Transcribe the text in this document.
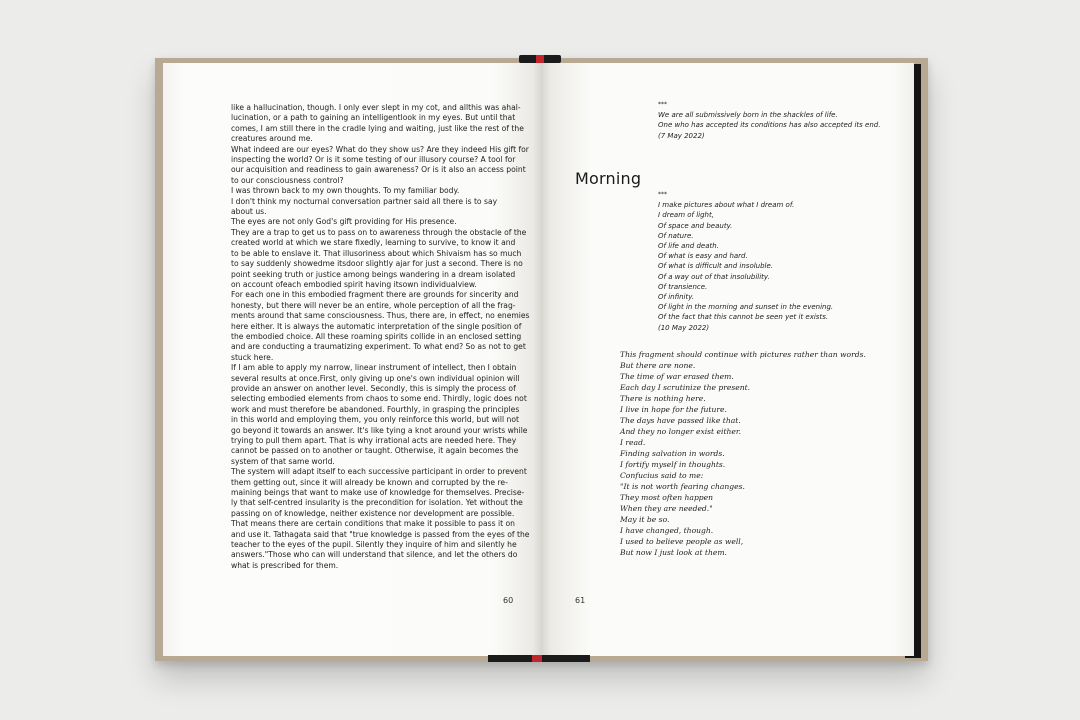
like a hallucination, though. I only ever slept in my cot, and allthis was ahal-

lucination, or a path to gaining an intelligentlook in my eyes. But until that

comes, I am still there in the cradle lying and waiting, just like the rest of the

creatures around me.

What indeed are our eyes? What do they show us? Are they indeed His gift for

inspecting the world? Or is it some testing of our illusory course? A tool for

our acquisition and readiness to gain awareness? Or is it also an access point

to our consciousness control?

I was thrown back to my own thoughts. To my familiar body.

I don't think my nocturnal conversation partner said all there is to say

about us.

The eyes are not only God's gift providing for His presence.

They are a trap to get us to pass on to awareness through the obstacle of the

created world at which we stare fixedly, learning to survive, to know it and

to be able to enslave it. That illusoriness about which Shivaism has so much

to say suddenly showedme itsdoor slightly ajar for just a second. There is no

point seeking truth or justice among beings wandering in a dream isolated

on account ofeach embodied spirit having itsown individualview.

For each one in this embodied fragment there are grounds for sincerity and

honesty, but there will never be an entire, whole perception of all the frag-

ments around that same consciousness. Thus, there are, in effect, no enemies

here either. It is always the automatic interpretation of the single position of

the embodied choice. All these roaming spirits collide in an enclosed setting

and are conducting a traumatizing experiment. To what end? So as not to get

stuck here.

If I am able to apply my narrow, linear instrument of intellect, then I obtain

several results at once.First, only giving up one's own individual opinion will

provide an answer on another level. Secondly, this is simply the process of

selecting embodied elements from chaos to some end. Thirdly, logic does not

work and must therefore be abandoned. Fourthly, in grasping the principles

in this world and employing them, you only reinforce this world, but will not

go beyond it towards an answer. It's like tying a knot around your wrists while

trying to pull them apart. That is why irrational acts are needed here. They

cannot be passed on to another or taught. Otherwise, it again becomes the

system of that same world.

The system will adapt itself to each successive participant in order to prevent

them getting out, since it will already be known and corrupted by the re-

maining beings that want to make use of knowledge for themselves. Precise-

ly that self-centred insularity is the precondition for isolation. Yet without the

passing on of knowledge, neither existence nor development are possible.

That means there are certain conditions that make it possible to pass it on

and use it. Tathagata said that "true knowledge is passed from the eyes of the

teacher to the eyes of the pupil. Silently they inquire of him and silently he

answers."Those who can will understand that silence, and let the others do

what is prescribed for them.

60

***

We are all submissively born in the shackles of life.

One who has accepted its conditions has also accepted its end.

(7 May 2022)

Morning

***

I make pictures about what I dream of.

I dream of light,

Of space and beauty.

Of nature.

Of life and death.

Of what is easy and hard.

Of what is difficult and insoluble.

Of a way out of that insolubility.

Of transience.

Of infinity.

Of light in the morning and sunset in the evening.

Of the fact that this cannot be seen yet it exists.

(10 May 2022)

This fragment should continue with pictures rather than words.

But there are none.

The time of war erased them.

Each day I scrutinize the present.

There is nothing here.

I live in hope for the future.

The days have passed like that.

And they no longer exist either.

I read.

Finding salvation in words.

I fortify myself in thoughts.

Confucius said to me:

"It is not worth fearing changes.

They most often happen

When they are needed."

May it be so.

I have changed, though.

I used to believe people as well,

But now I just look at them.

61
